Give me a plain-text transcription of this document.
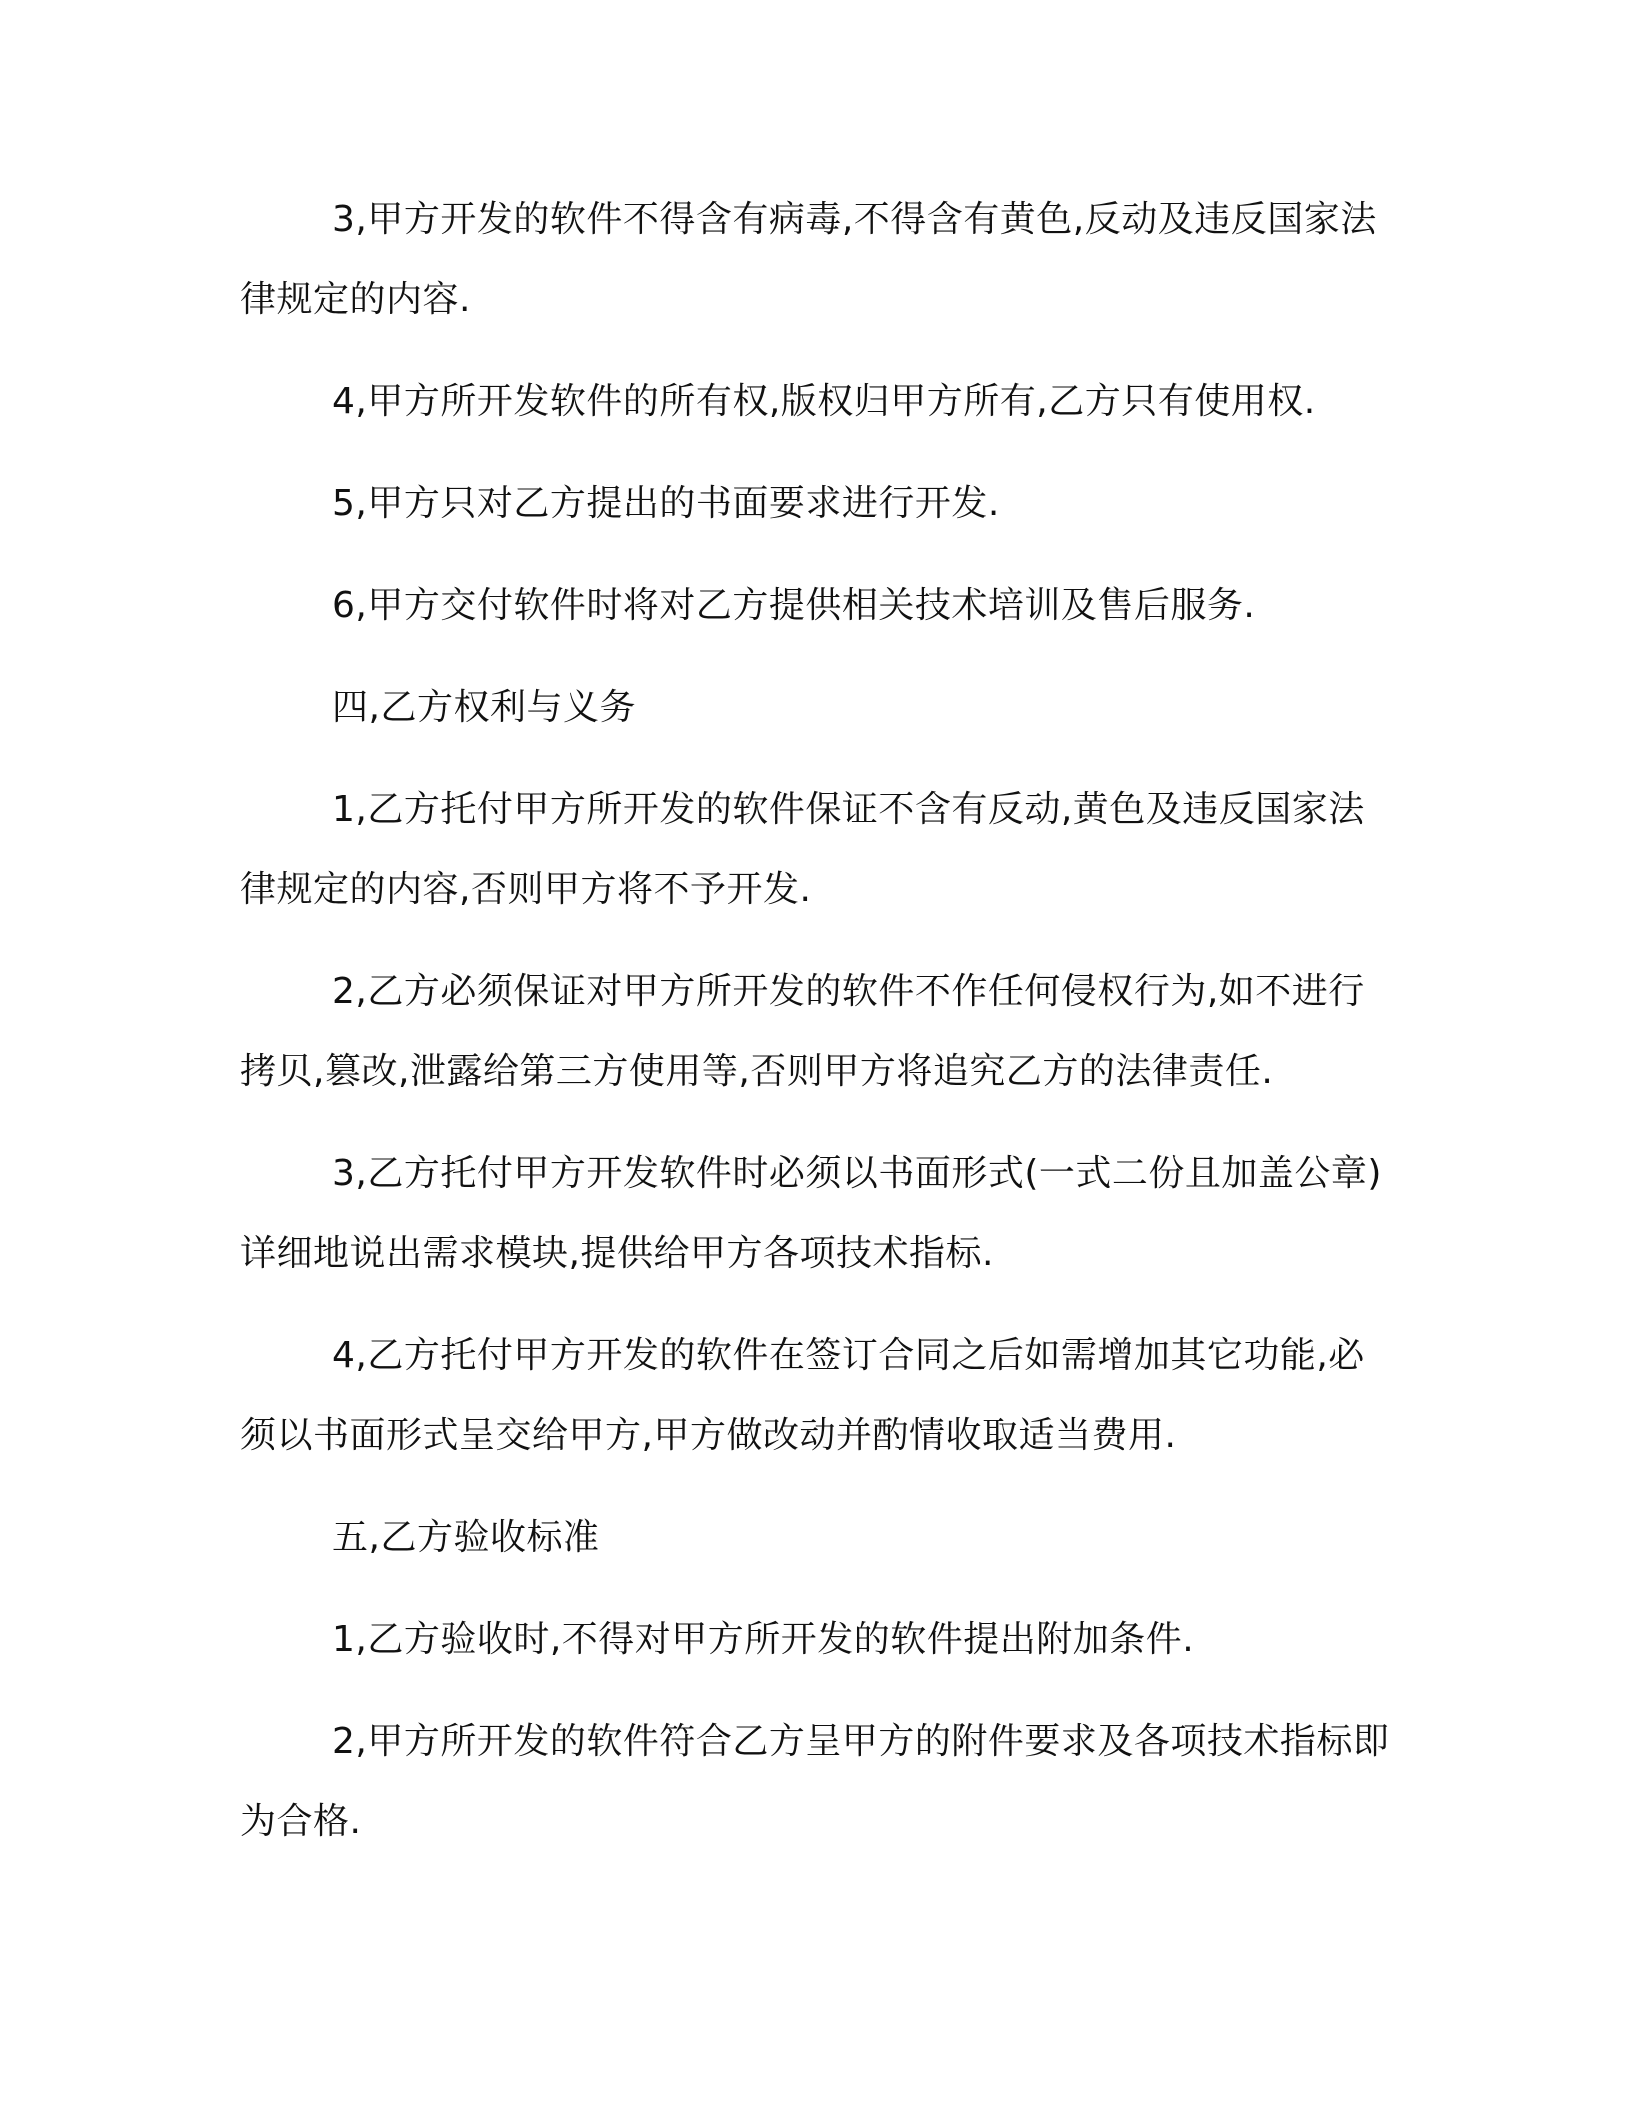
3,甲方开发的软件不得含有病毒,不得含有黄色,反动及违反国家法律规定的内容.

4,甲方所开发软件的所有权,版权归甲方所有,乙方只有使用权.

5,甲方只对乙方提出的书面要求进行开发.

6,甲方交付软件时将对乙方提供相关技术培训及售后服务.

四,乙方权利与义务

1,乙方托付甲方所开发的软件保证不含有反动,黄色及违反国家法律规定的内容,否则甲方将不予开发.

2,乙方必须保证对甲方所开发的软件不作任何侵权行为,如不进行拷贝,篡改,泄露给第三方使用等,否则甲方将追究乙方的法律责任.

3,乙方托付甲方开发软件时必须以书面形式(一式二份且加盖公章)详细地说出需求模块,提供给甲方各项技术指标.

4,乙方托付甲方开发的软件在签订合同之后如需增加其它功能,必须以书面形式呈交给甲方,甲方做改动并酌情收取适当费用.

五,乙方验收标准

1,乙方验收时,不得对甲方所开发的软件提出附加条件.

2,甲方所开发的软件符合乙方呈甲方的附件要求及各项技术指标即为合格.
